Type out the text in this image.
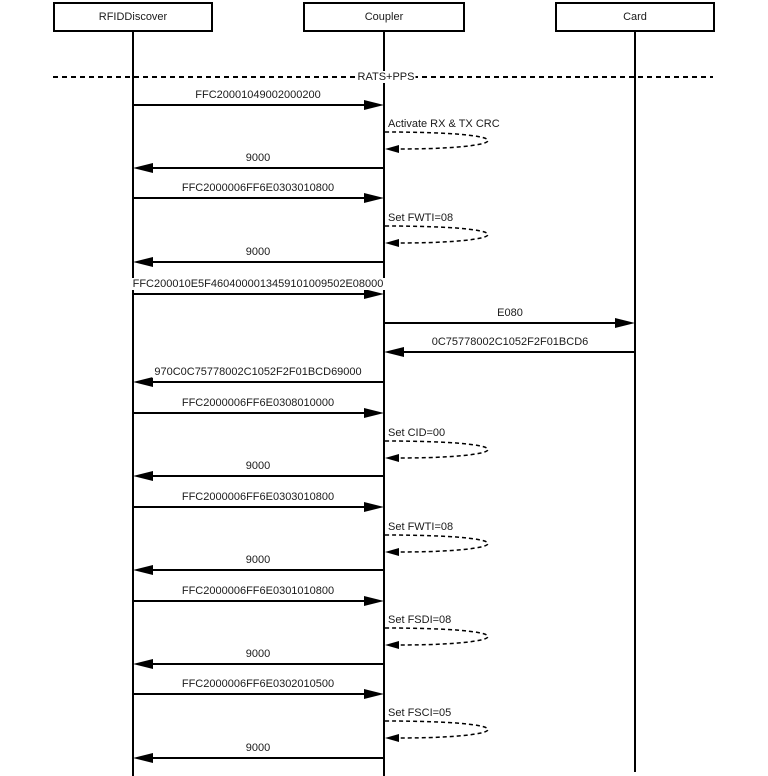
RFIDDiscover	Coupler	Card
RATS+PPS
FFC20001049002000200
Activate RX & TX CRC
9000
FFC2000006FF6E0303010800
Set FWTI=08
9000
FFC200010E5F4604000013459101009502E08000
E080
0C75778002C1052F2F01BCD6
970C0C75778002C1052F2F01BCD69000
FFC2000006FF6E0308010000
Set CID=00
9000
FFC2000006FF6E0303010800
Set FWTI=08
9000
FFC2000006FF6E0301010800
Set FSDI=08
9000
FFC2000006FF6E0302010500
Set FSCI=05
9000
